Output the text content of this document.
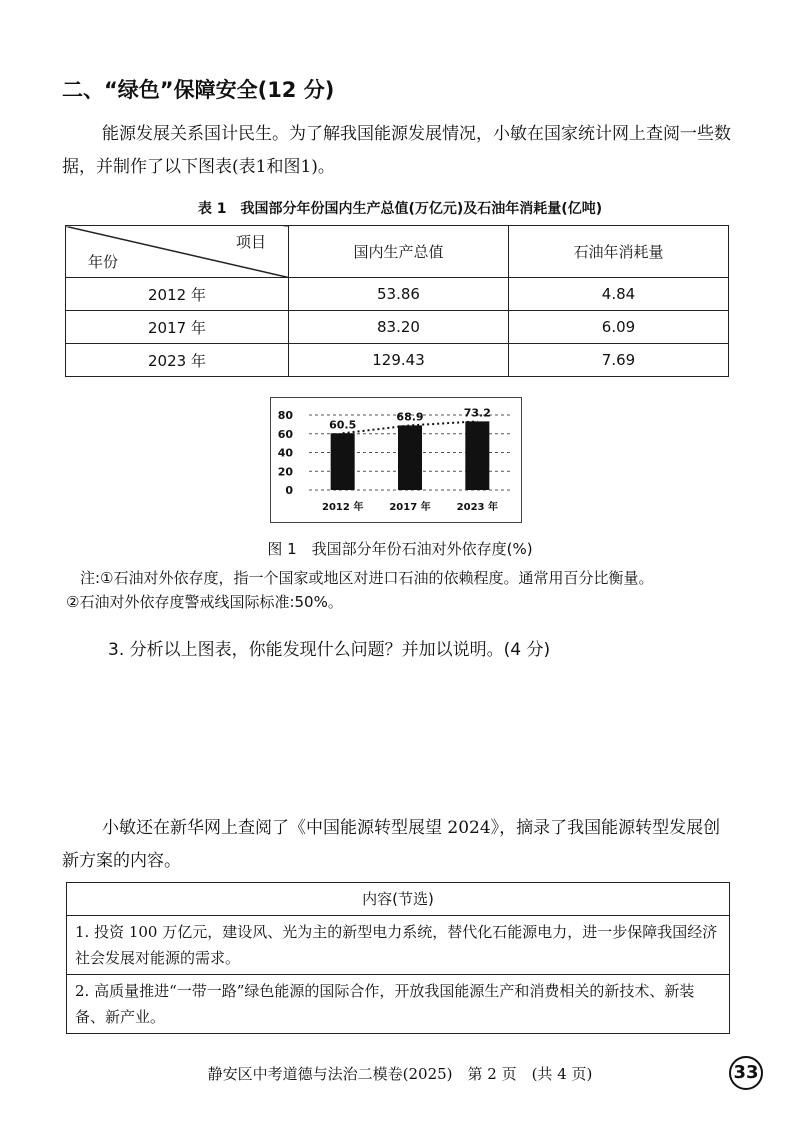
二、“绿色”保障安全(12 分)
能源发展关系国计民生。为了解我国能源发展情况，小敏在国家统计网上查阅一些数据，并制作了以下图表(表1和图1)。
表 1　我国部分年份国内生产总值(万亿元)及石油年消耗量(亿吨)
项目
年份	国内生产总值	石油年消耗量
2012 年	53.86	4.84
2017 年	83.20	6.09
2023 年	129.43	7.69
80
60
40
20
0
60.5
2012 年
68.9
2017 年
73.2
2023 年
图 1　我国部分年份石油对外依存度(%)
注:①石油对外依存度，指一个国家或地区对进口石油的依赖程度。通常用百分比衡量。
②石油对外依存度警戒线国际标准:50%。
3. 分析以上图表，你能发现什么问题？并加以说明。(4 分)
小敏还在新华网上查阅了《中国能源转型展望 2024》，摘录了我国能源转型发展创新方案的内容。
内容(节选)
1. 投资 100 万亿元，建设风、光为主的新型电力系统，替代化石能源电力，进一步保障我国经济社会发展对能源的需求。
2. 高质量推进“一带一路”绿色能源的国际合作，开放我国能源生产和消费相关的新技术、新装备、新产业。
静安区中考道德与法治二模卷(2025)　第 2 页　(共 4 页)	33
